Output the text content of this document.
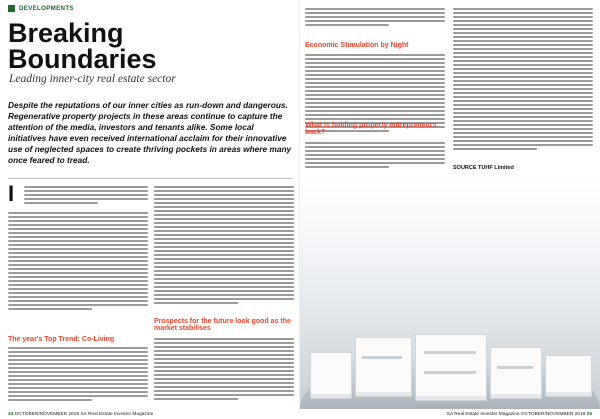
DEVELOPMENTS
Breaking
Boundaries
Leading inner-city real estate sector
Despite the reputations of our inner cities as run-down and dangerous. Regenerative property projects in these areas continue to capture the attention of the media, investors and tenants alike. Some local initiatives have even received international acclaim for their innovative use of neglected spaces to create thriving pockets in areas where many once feared to tread.
I
The year's Top Trend: Co-Living
Prospects for the future look good as the market stabilises
Economic Stimulation by Night
What is holding property entrepreneurs back?
SOURCE TUHF Limited
34 OCTOBER/NOVEMBER 2019 SA Real Estate Investor Magazine	SA Real Estate Investor Magazine OCTOBER/NOVEMBER 2019 35
